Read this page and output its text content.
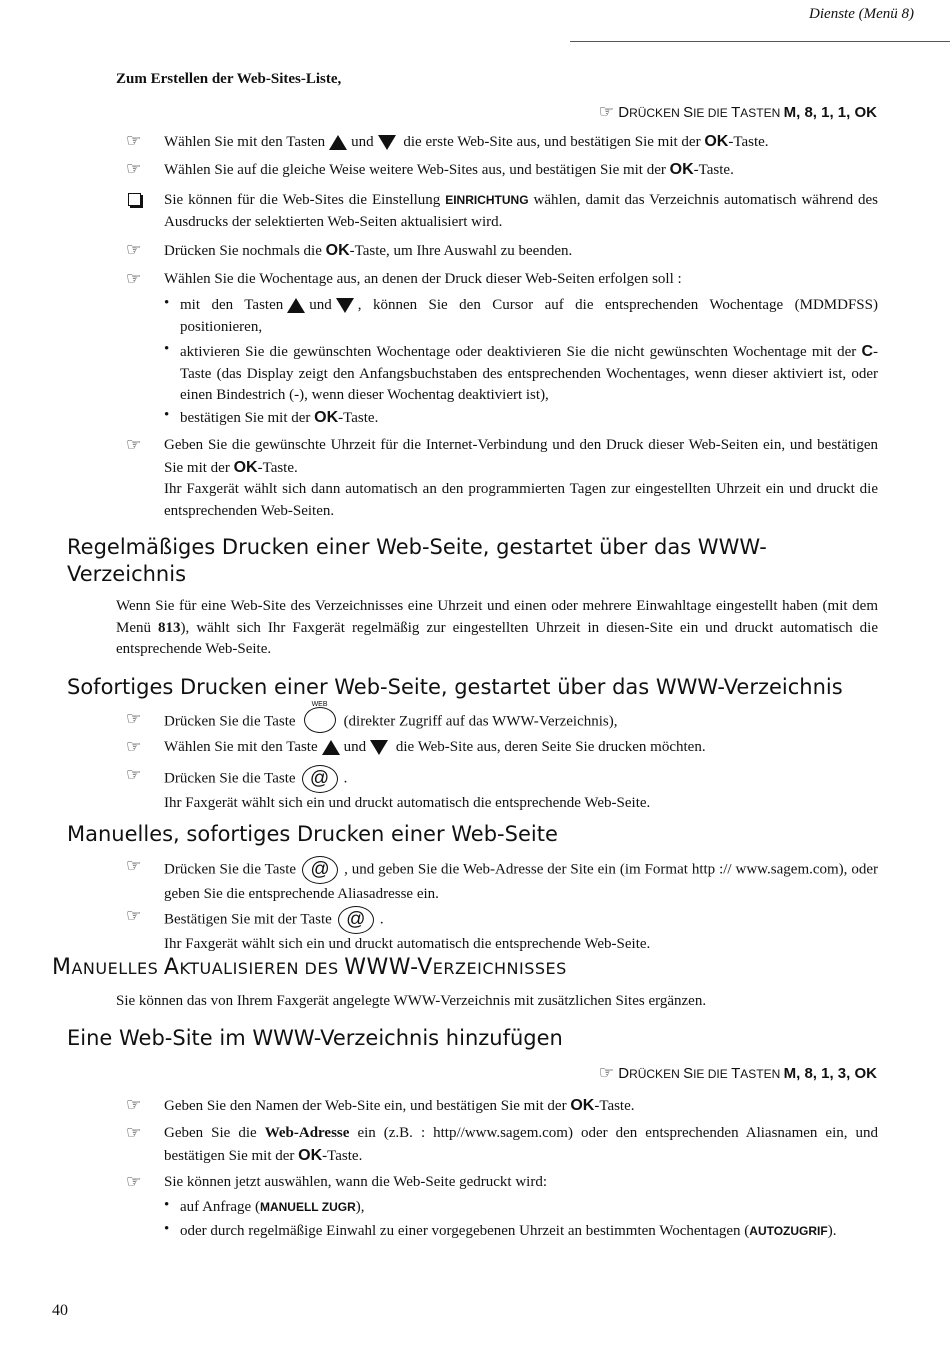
Dienste (Menü 8)
Zum Erstellen der Web-Sites-Liste,
☞ DRÜCKEN SIE DIE TASTEN M, 8, 1, 1, OK
☞ Wählen Sie mit den Tasten und die erste Web-Site aus, und bestätigen Sie mit der OK-Taste.
☞ Wählen Sie auf die gleiche Weise weitere Web-Sites aus, und bestätigen Sie mit der OK-Taste.
Sie können für die Web-Sites die Einstellung EINRICHTUNG wählen, damit das Verzeichnis automatisch während des Ausdrucks der selektierten Web-Seiten aktualisiert wird.
☞ Drücken Sie nochmals die OK-Taste, um Ihre Auswahl zu beenden.
☞ Wählen Sie die Wochentage aus, an denen der Druck dieser Web-Seiten erfolgen soll :
• mit den Tasten und , können Sie den Cursor auf die entsprechenden Wochentage (MDMDFSS) positionieren,
• aktivieren Sie die gewünschten Wochentage oder deaktivieren Sie die nicht gewünschten Wochentage mit der C-Taste (das Display zeigt den Anfangsbuchstaben des entsprechenden Wochentages, wenn dieser aktiviert ist, oder einen Bindestrich (-), wenn dieser Wochentag deaktiviert ist),
• bestätigen Sie mit der OK-Taste.
☞ Geben Sie die gewünschte Uhrzeit für die Internet-Verbindung und den Druck dieser Web-Seiten ein, und bestätigen Sie mit der OK-Taste.
Ihr Faxgerät wählt sich dann automatisch an den programmierten Tagen zur eingestellten Uhrzeit ein und druckt die entsprechenden Web-Seiten.
Regelmäßiges Drucken einer Web-Seite, gestartet über das WWW-
Verzeichnis
Wenn Sie für eine Web-Site des Verzeichnisses eine Uhrzeit und einen oder mehrere Einwahltage eingestellt haben (mit dem Menü 813), wählt sich Ihr Faxgerät regelmäßig zur eingestellten Uhrzeit in diesen-Site ein und druckt automatisch die entsprechende Web-Seite.
Sofortiges Drucken einer Web-Seite, gestartet über das WWW-Verzeichnis
☞ Drücken Sie die Taste
WEB
(direkter Zugriff auf das WWW-Verzeichnis),
☞ Wählen Sie mit den Taste und die Web-Site aus, deren Seite Sie drucken möchten.
☞ Drücken Sie die Taste @ .
Ihr Faxgerät wählt sich ein und druckt automatisch die entsprechende Web-Seite.
Manuelles, sofortiges Drucken einer Web-Seite
☞ Drücken Sie die Taste @ , und geben Sie die Web-Adresse der Site ein (im Format http :// www.sagem.com), oder geben Sie die entsprechende Aliasadresse ein.
☞ Bestätigen Sie mit der Taste @ .
Ihr Faxgerät wählt sich ein und druckt automatisch die entsprechende Web-Seite.
MANUELLES AKTUALISIEREN DES WWW-VERZEICHNISSES
Sie können das von Ihrem Faxgerät angelegte WWW-Verzeichnis mit zusätzlichen Sites ergänzen.
Eine Web-Site im WWW-Verzeichnis hinzufügen
☞ DRÜCKEN SIE DIE TASTEN M, 8, 1, 3, OK
☞ Geben Sie den Namen der Web-Site ein, und bestätigen Sie mit der OK-Taste.
☞ Geben Sie die Web-Adresse ein (z.B. : http//www.sagem.com) oder den entsprechenden Aliasnamen ein, und bestätigen Sie mit der OK-Taste.
☞ Sie können jetzt auswählen, wann die Web-Seite gedruckt wird:
• auf Anfrage (MANUELL ZUGR),
• oder durch regelmäßige Einwahl zu einer vorgegebenen Uhrzeit an bestimmten Wochentagen (AUTOZUGRIF).
40
